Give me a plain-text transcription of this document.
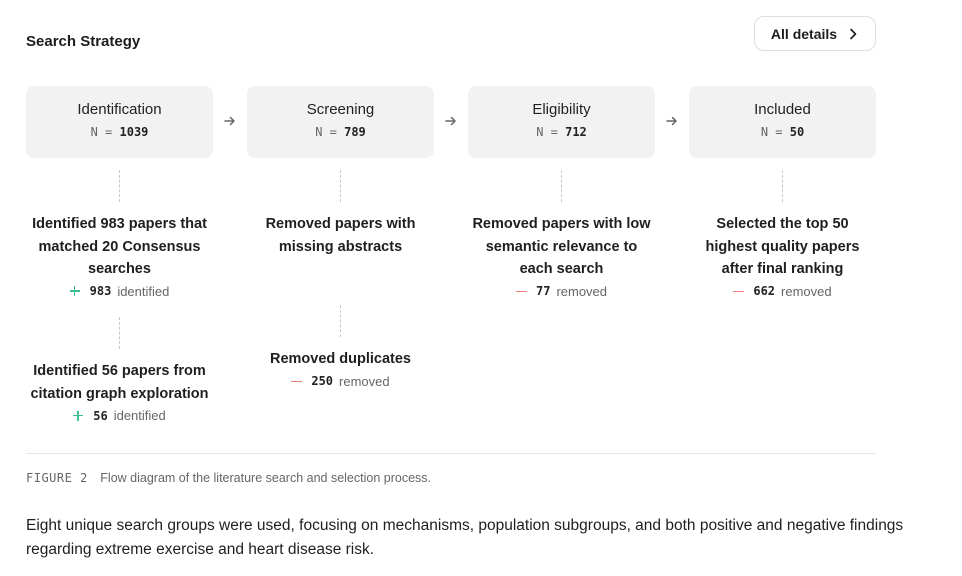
Search Strategy	All details
Identification
N = 1039
Screening
N = 789
Eligibility
N = 712
Included
N = 50
Identified 983 papers that matched 20 Consensus searches
983 identified
Identified 56 papers from citation graph exploration
56 identified
Removed papers with missing abstracts
Removed duplicates
250 removed
Removed papers with low semantic relevance to each search
77 removed
Selected the top 50 highest quality papers after final ranking
662 removed
FIGURE 2 Flow diagram of the literature search and selection process.
Eight unique search groups were used, focusing on mechanisms, population subgroups, and both positive and negative findings regarding extreme exercise and heart disease risk.
